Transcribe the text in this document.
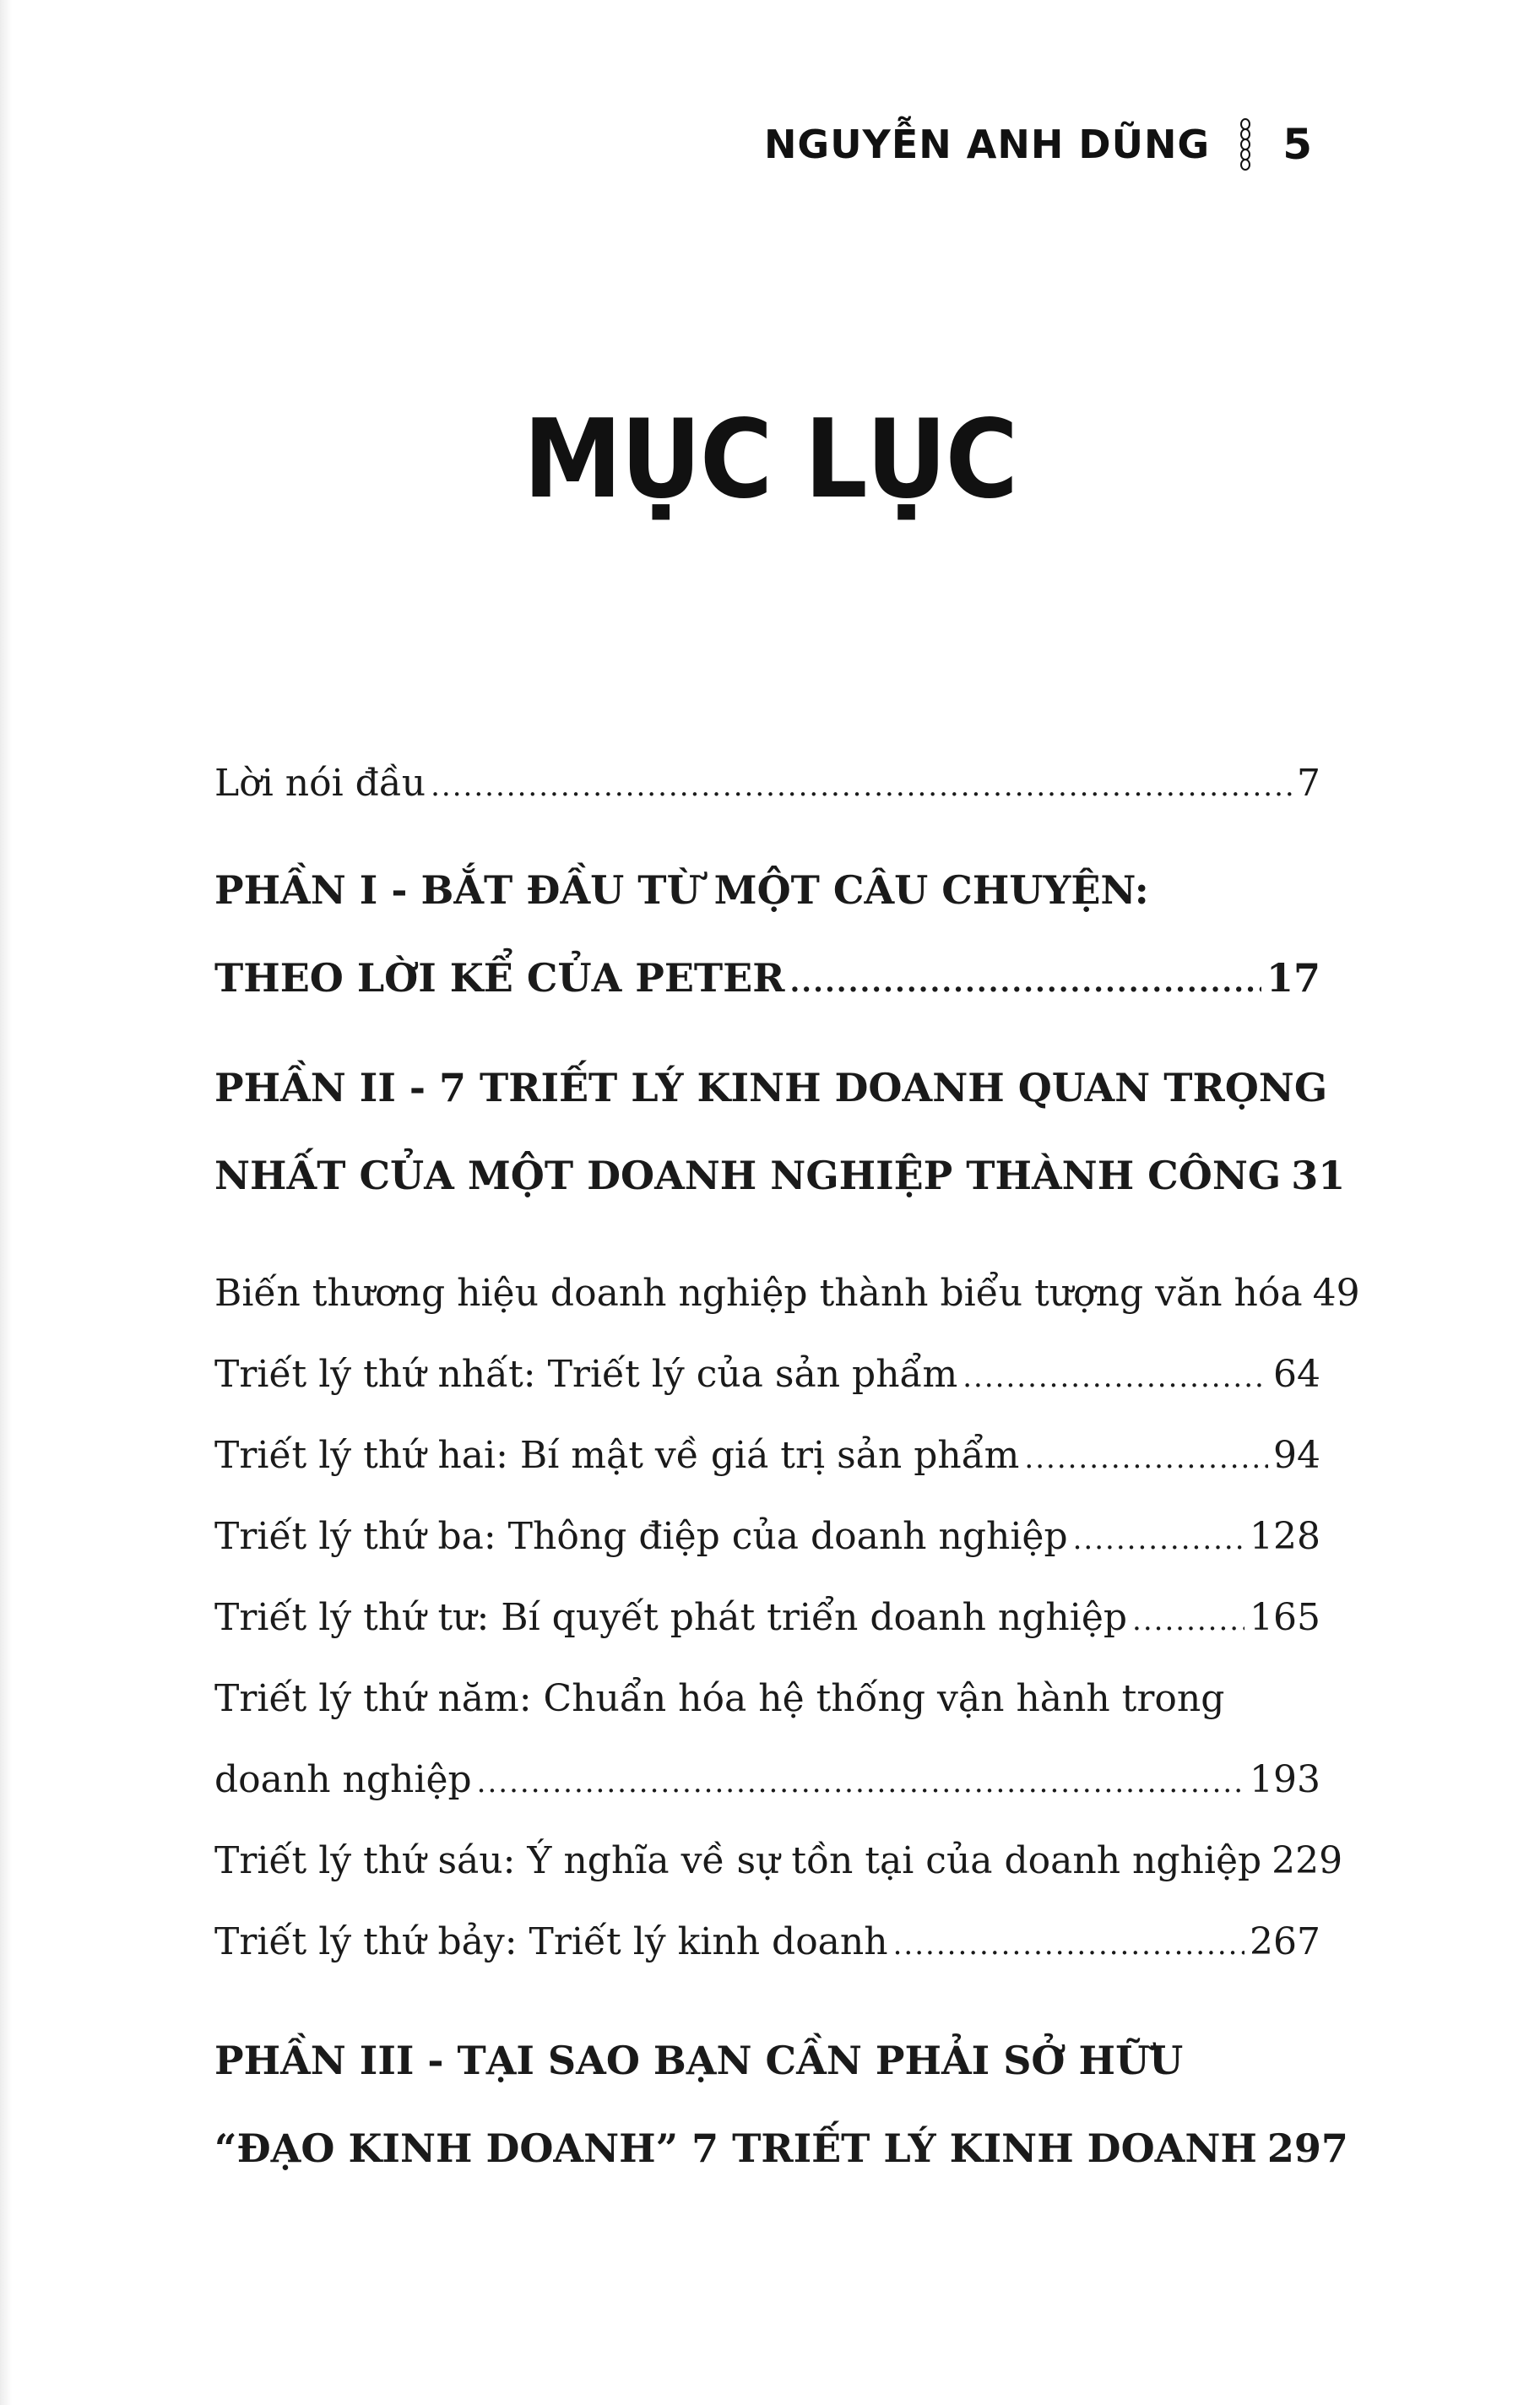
NGUYỄN ANH DŨNG 5
MỤC LỤC
Lời nói đầu .....	7
PHẦN I - BẮT ĐẦU TỪ MỘT CÂU CHUYỆN:
THEO LỜI KỂ CỦA PETER .....	17
PHẦN II - 7 TRIẾT LÝ KINH DOANH QUAN TRỌNG
NHẤT CỦA MỘT DOANH NGHIỆP THÀNH CÔNG 31
Biến thương hiệu doanh nghiệp thành biểu tượng văn hóa 49
Triết lý thứ nhất: Triết lý của sản phẩm .....	64
Triết lý thứ hai: Bí mật về giá trị sản phẩm .....	94
Triết lý thứ ba: Thông điệp của doanh nghiệp .....	128
Triết lý thứ tư: Bí quyết phát triển doanh nghiệp .....	165
Triết lý thứ năm: Chuẩn hóa hệ thống vận hành trong
doanh nghiệp .....	193
Triết lý thứ sáu: Ý nghĩa về sự tồn tại của doanh nghiệp 229
Triết lý thứ bảy: Triết lý kinh doanh .....	267
PHẦN III - TẠI SAO BẠN CẦN PHẢI SỞ HỮU
“ĐẠO KINH DOANH” 7 TRIẾT LÝ KINH DOANH 297
